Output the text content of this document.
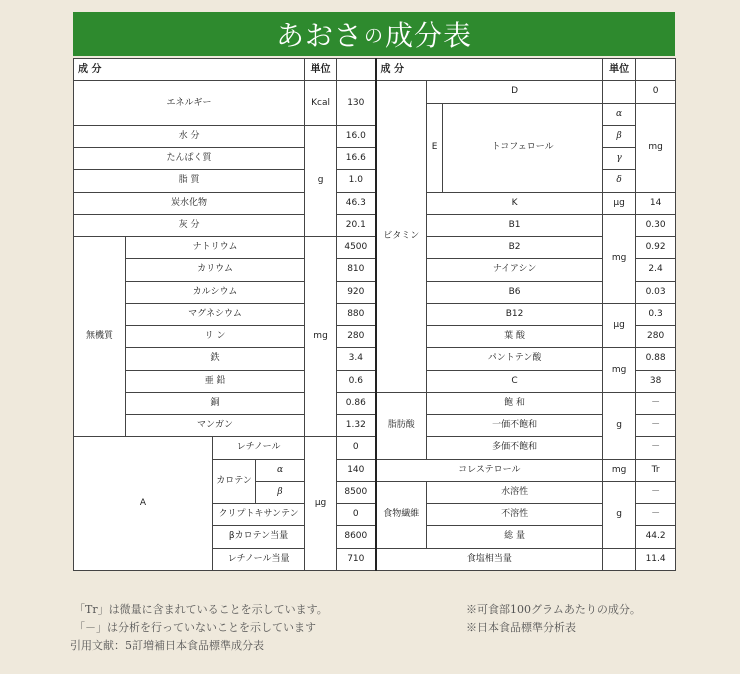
あおさ の 成分表
成 分				単位		成 分			単位		
エネルギー				Kcal	130	ビタミン	D			0	
							E	トコフェロール	α	mg	
水 分				g	16.0				β	
たんぱく質					16.6				γ	
脂 質					1.0				δ	
炭水化物					46.3		K		μg	14	
灰 分					20.1		B1		mg	0.30	
無機質	ナトリウム			mg	4500		B2			0.92	
	カリウム				810		ナイアシン			2.4	
	カルシウム				920		B6			0.03	
	マグネシウム				880		B12		μg	0.3	
	リ ン				280		葉 酸			280	
	鉄				3.4		パントテン酸		mg	0.88	
	亜 鉛				0.6		C			38	
	銅				0.86	脂肪酸	飽 和		g	－	
	マンガン				1.32		一価不飽和			－	
A		レチノール		μg	0		多価不飽和			－	
		カロテン	α		140	コレステロール			mg	Tr	
			β		8500	食物繊維	水溶性		g	－	
		クリプトキサンテン			0		不溶性			－	
		βカロテン当量			8600		総 量			44.2	
		レチノール当量			710	食塩相当量				11.4	
「Tr」は微量に含まれていることを示しています。
「－」は分析を行っていないことを示しています
引用文献：5訂増補日本食品標準成分表
※可食部100グラムあたりの成分。
※日本食品標準分析表
